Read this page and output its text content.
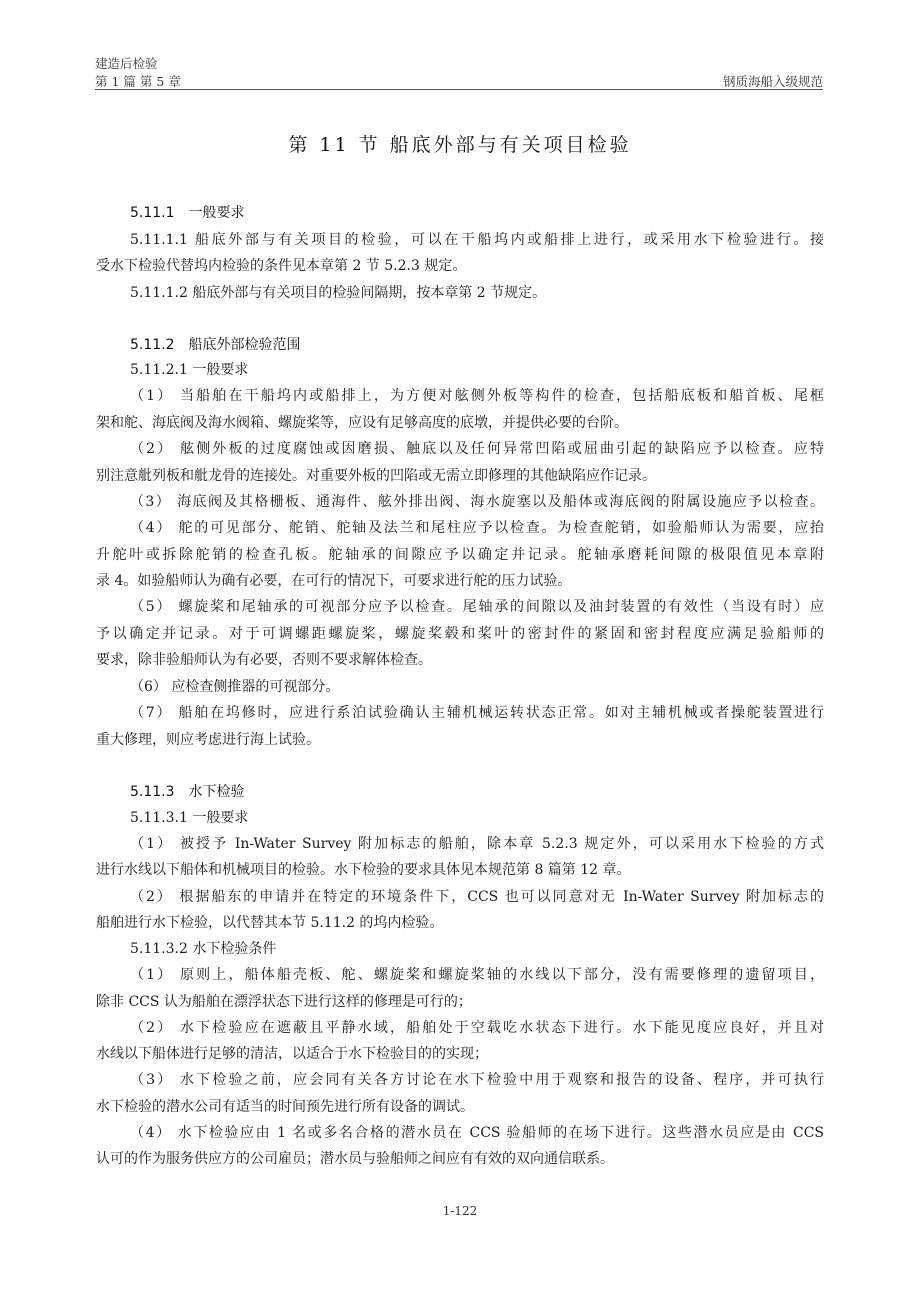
建造后检验
第 1 篇 第 5 章	钢质海船入级规范
第 11 节 船底外部与有关项目检验
5.11.1 一般要求
5.11.1.1 船底外部与有关项目的检验，可以在干船坞内或船排上进行，或采用水下检验进行。接
受水下检验代替坞内检验的条件见本章第 2 节 5.2.3 规定。
5.11.1.2 船底外部与有关项目的检验间隔期，按本章第 2 节规定。
5.11.2 船底外部检验范围
5.11.2.1 一般要求
（1） 当船舶在干船坞内或船排上，为方便对舷侧外板等构件的检查，包括船底板和船首板、尾框
架和舵、海底阀及海水阀箱、螺旋桨等，应设有足够高度的底墩，并提供必要的台阶。
（2） 舷侧外板的过度腐蚀或因磨损、触底以及任何异常凹陷或屈曲引起的缺陷应予以检查。应特
别注意舭列板和舭龙骨的连接处。对重要外板的凹陷或无需立即修理的其他缺陷应作记录。
（3） 海底阀及其格栅板、通海件、舷外排出阀、海水旋塞以及船体或海底阀的附属设施应予以检查。
（4） 舵的可见部分、舵销、舵轴及法兰和尾柱应予以检查。为检查舵销，如验船师认为需要，应抬
升舵叶或拆除舵销的检查孔板。舵轴承的间隙应予以确定并记录。舵轴承磨耗间隙的极限值见本章附
录 4。如验船师认为确有必要，在可行的情况下，可要求进行舵的压力试验。
（5） 螺旋桨和尾轴承的可视部分应予以检查。尾轴承的间隙以及油封装置的有效性（当设有时）应
予以确定并记录。对于可调螺距螺旋桨，螺旋桨毂和桨叶的密封件的紧固和密封程度应满足验船师的
要求，除非验船师认为有必要，否则不要求解体检查。
（6） 应检查侧推器的可视部分。
（7） 船舶在坞修时，应进行系泊试验确认主辅机械运转状态正常。如对主辅机械或者操舵装置进行
重大修理，则应考虑进行海上试验。
5.11.3 水下检验
5.11.3.1 一般要求
（1） 被授予 In-Water Survey 附加标志的船舶，除本章 5.2.3 规定外，可以采用水下检验的方式
进行水线以下船体和机械项目的检验。水下检验的要求具体见本规范第 8 篇第 12 章。
（2） 根据船东的申请并在特定的环境条件下，CCS 也可以同意对无 In-Water Survey 附加标志的
船舶进行水下检验，以代替其本节 5.11.2 的坞内检验。
5.11.3.2 水下检验条件
（1） 原则上，船体船壳板、舵、螺旋桨和螺旋桨轴的水线以下部分，没有需要修理的遗留项目，
除非 CCS 认为船舶在漂浮状态下进行这样的修理是可行的；
（2） 水下检验应在遮蔽且平静水域，船舶处于空载吃水状态下进行。水下能见度应良好，并且对
水线以下船体进行足够的清洁，以适合于水下检验目的的实现；
（3） 水下检验之前，应会同有关各方讨论在水下检验中用于观察和报告的设备、程序，并可执行
水下检验的潜水公司有适当的时间预先进行所有设备的调试。
（4） 水下检验应由 1 名或多名合格的潜水员在 CCS 验船师的在场下进行。这些潜水员应是由 CCS
认可的作为服务供应方的公司雇员；潜水员与验船师之间应有有效的双向通信联系。
1-122
